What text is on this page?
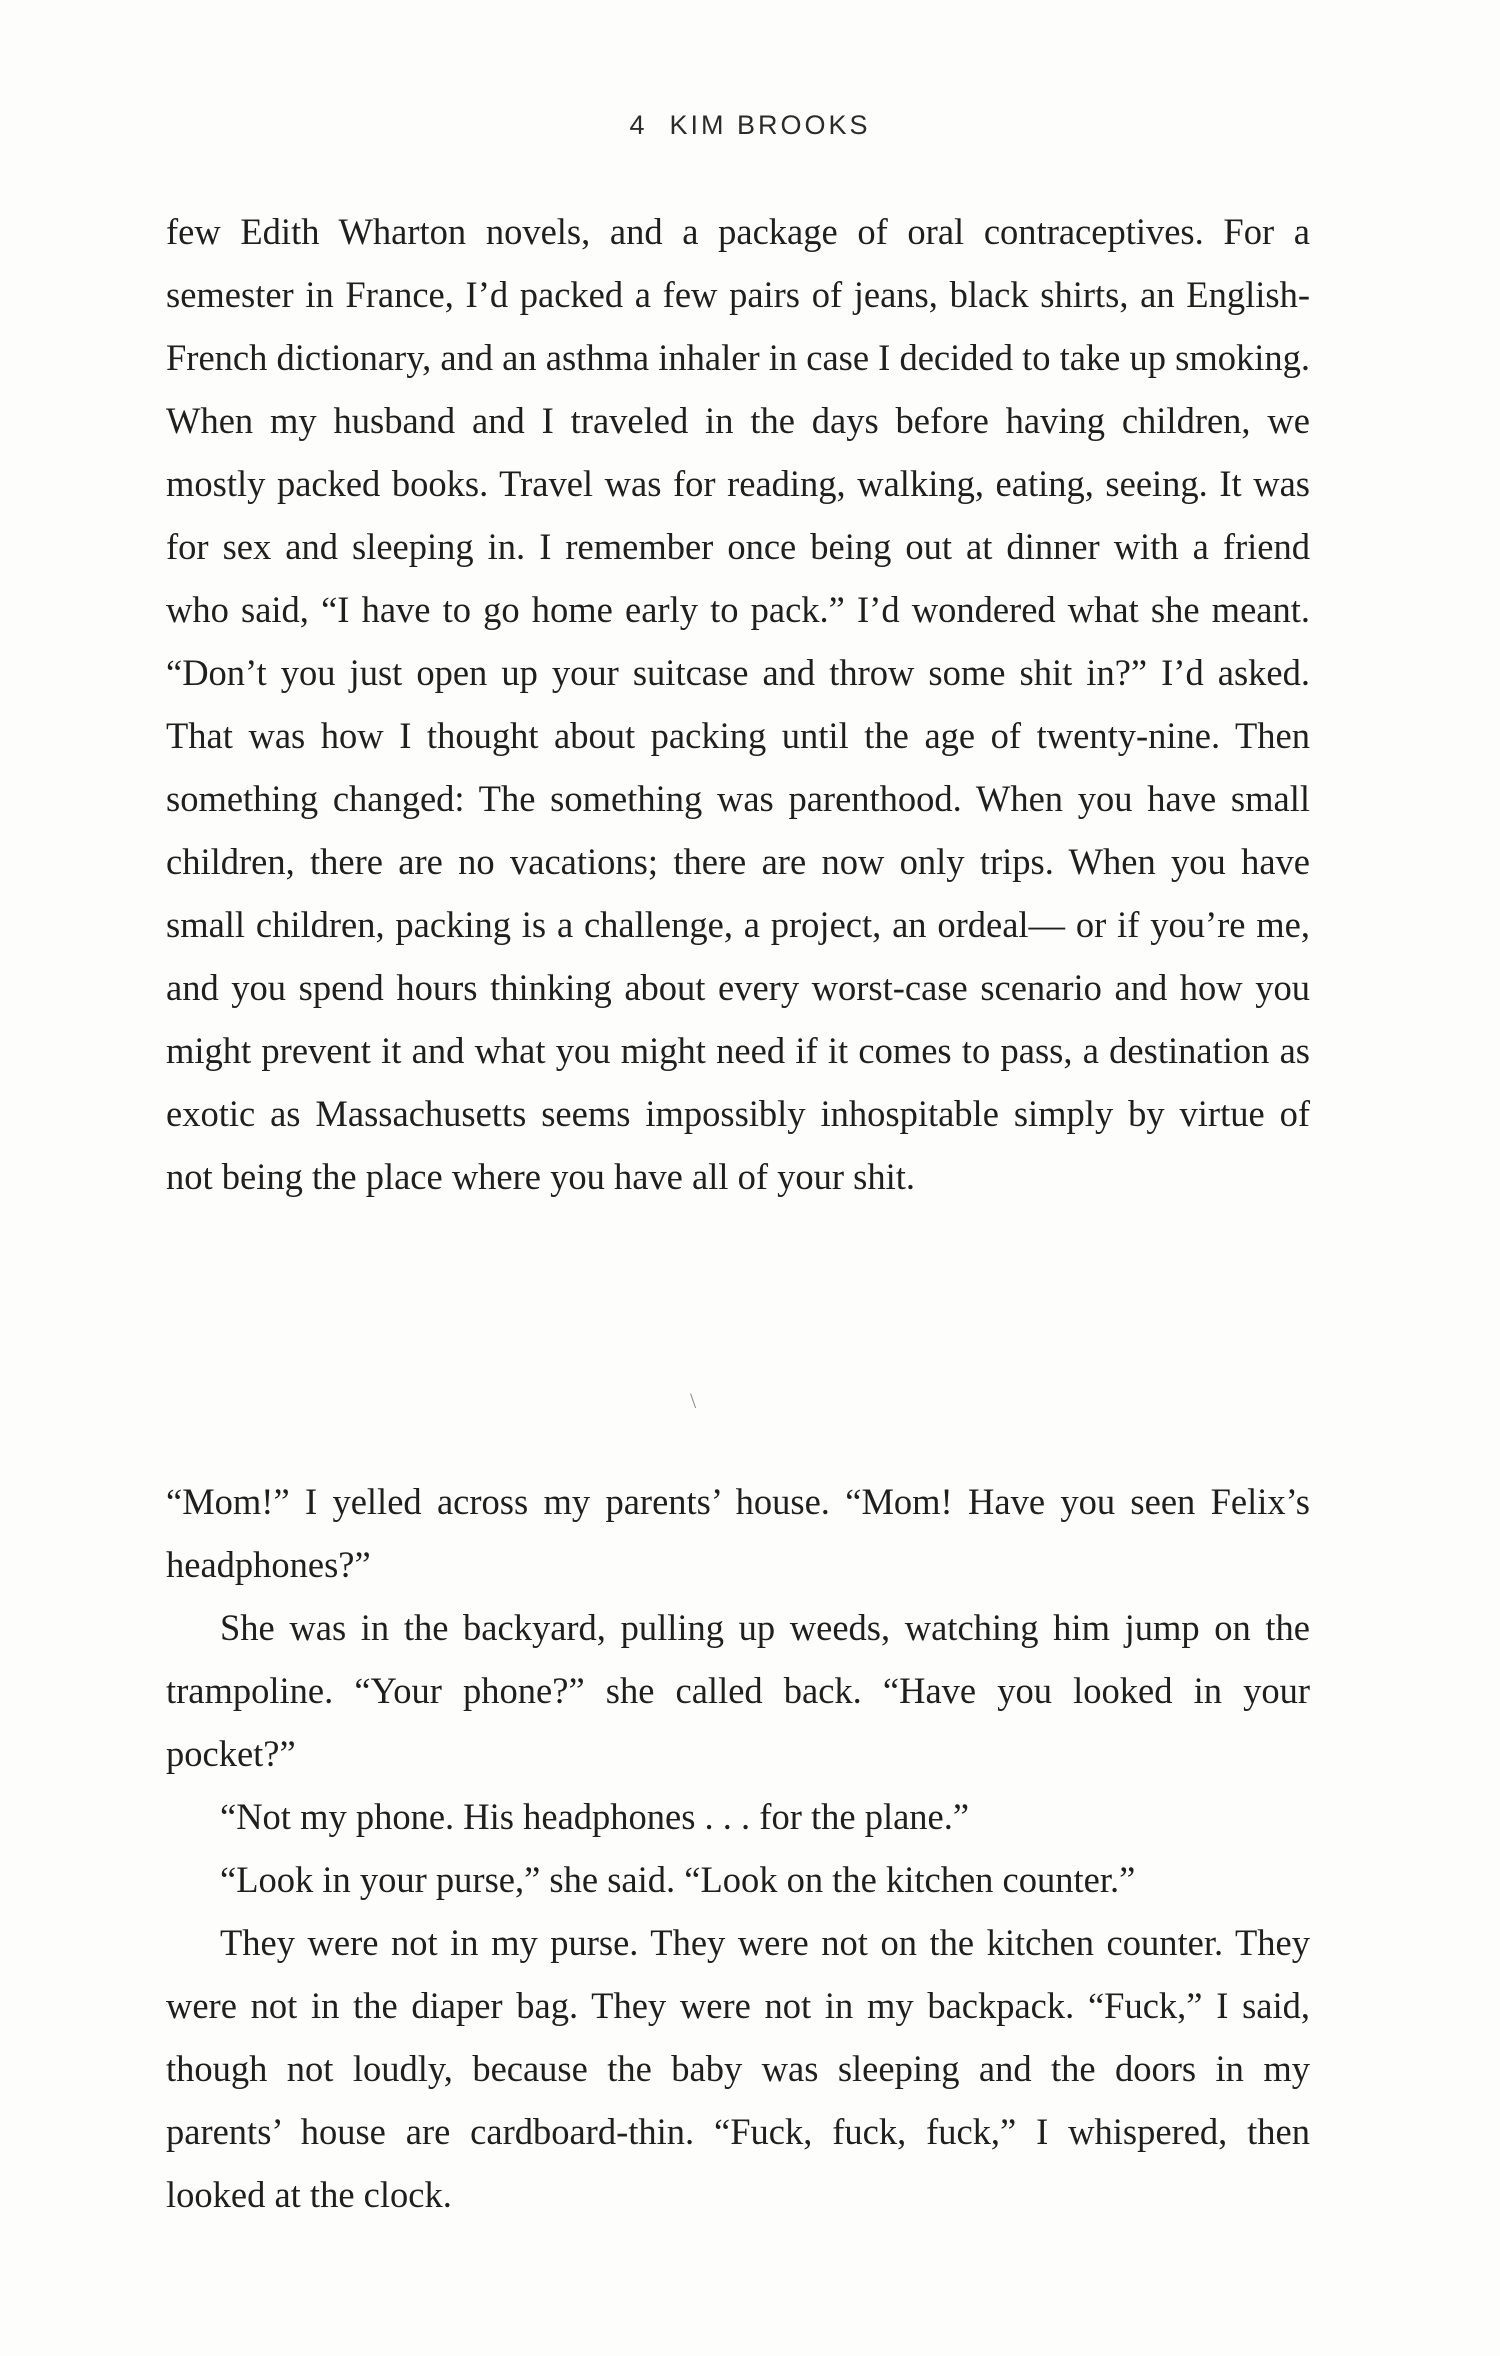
4 KIM BROOKS

few Edith Wharton novels, and a package of oral contraceptives. For a semester in France, I’d packed a few pairs of jeans, black shirts, an English-French dictionary, and an asthma inhaler in case I decided to take up smoking. When my husband and I traveled in the days before having children, we mostly packed books. Travel was for reading, walking, eating, seeing. It was for sex and sleeping in. I remember once being out at dinner with a friend who said, “I have to go home early to pack.” I’d wondered what she meant. “Don’t you just open up your suitcase and throw some shit in?” I’d asked. That was how I thought about packing until the age of twenty-nine. Then something changed: The something was parenthood. When you have small children, there are no vacations; there are now only trips. When you have small children, packing is a challenge, a project, an ordeal— or if you’re me, and you spend hours thinking about every worst-case scenario and how you might prevent it and what you might need if it comes to pass, a destination as exotic as Massachusetts seems impossibly inhospitable simply by virtue of not being the place where you have all of your shit.

\

“Mom!” I yelled across my parents’ house. “Mom! Have you seen Felix’s headphones?”

She was in the backyard, pulling up weeds, watching him jump on the trampoline. “Your phone?” she called back. “Have you looked in your pocket?”

“Not my phone. His headphones . . . for the plane.”

“Look in your purse,” she said. “Look on the kitchen counter.”

They were not in my purse. They were not on the kitchen counter. They were not in the diaper bag. They were not in my backpack. “Fuck,” I said, though not loudly, because the baby was sleeping and the doors in my parents’ house are cardboard-thin. “Fuck, fuck, fuck,” I whispered, then looked at the clock.
